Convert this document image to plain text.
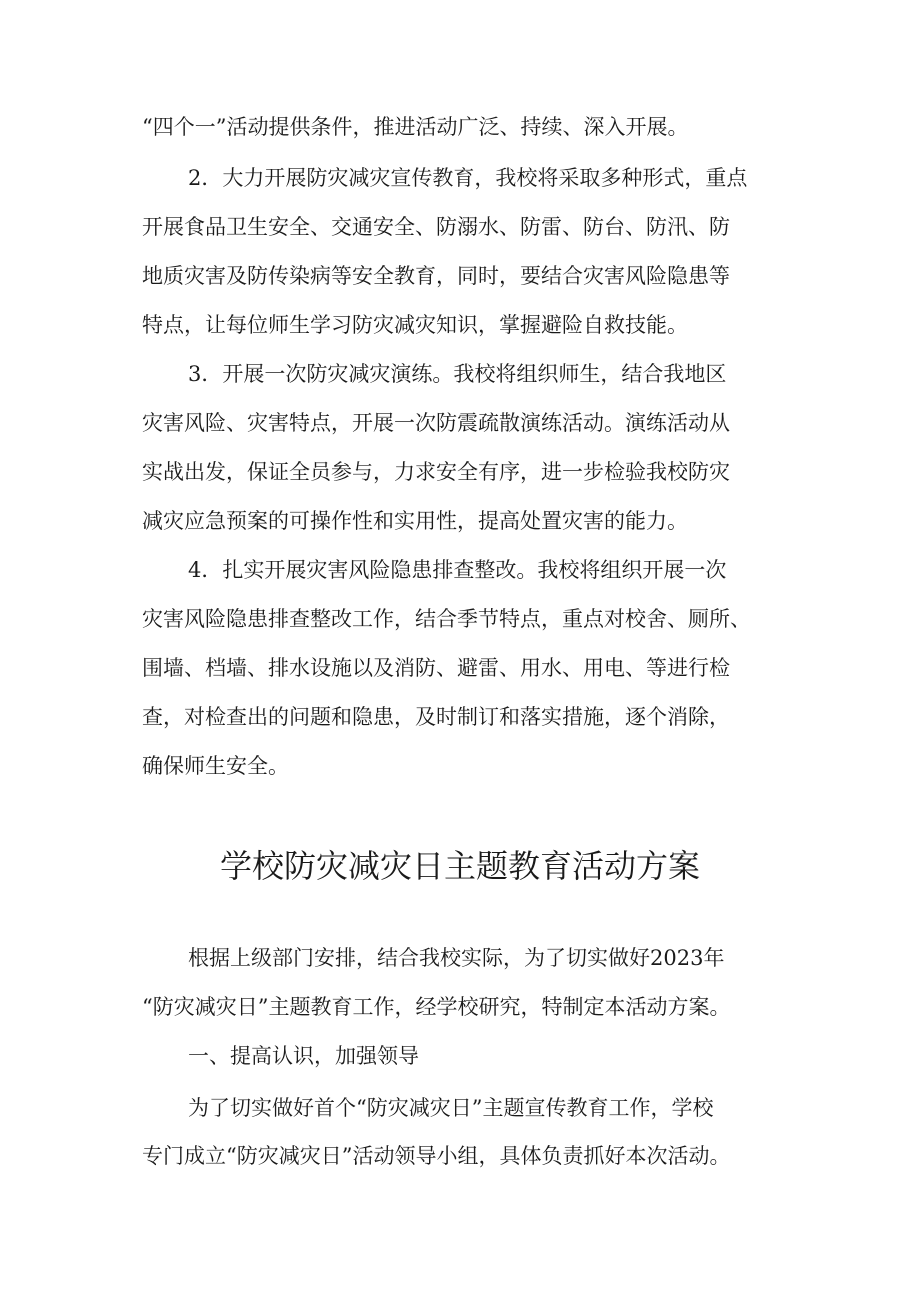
“四个一”活动提供条件，推进活动广泛、持续、深入开展。
2．大力开展防灾减灾宣传教育，我校将采取多种形式，重点
开展食品卫生安全、交通安全、防溺水、防雷、防台、防汛、防
地质灾害及防传染病等安全教育，同时，要结合灾害风险隐患等
特点，让每位师生学习防灾减灾知识，掌握避险自救技能。
3．开展一次防灾减灾演练。我校将组织师生，结合我地区
灾害风险、灾害特点，开展一次防震疏散演练活动。演练活动从
实战出发，保证全员参与，力求安全有序，进一步检验我校防灾
减灾应急预案的可操作性和实用性，提高处置灾害的能力。
4．扎实开展灾害风险隐患排查整改。我校将组织开展一次
灾害风险隐患排查整改工作，结合季节特点，重点对校舍、厕所、
围墙、档墙、排水设施以及消防、避雷、用水、用电、等进行检
查，对检查出的问题和隐患，及时制订和落实措施，逐个消除，
确保师生安全。
学校防灾减灾日主题教育活动方案
根据上级部门安排，结合我校实际，为了切实做好2023年
“防灾减灾日”主题教育工作，经学校研究，特制定本活动方案。
一、提高认识，加强领导
为了切实做好首个“防灾减灾日”主题宣传教育工作，学校
专门成立“防灾减灾日”活动领导小组，具体负责抓好本次活动。
